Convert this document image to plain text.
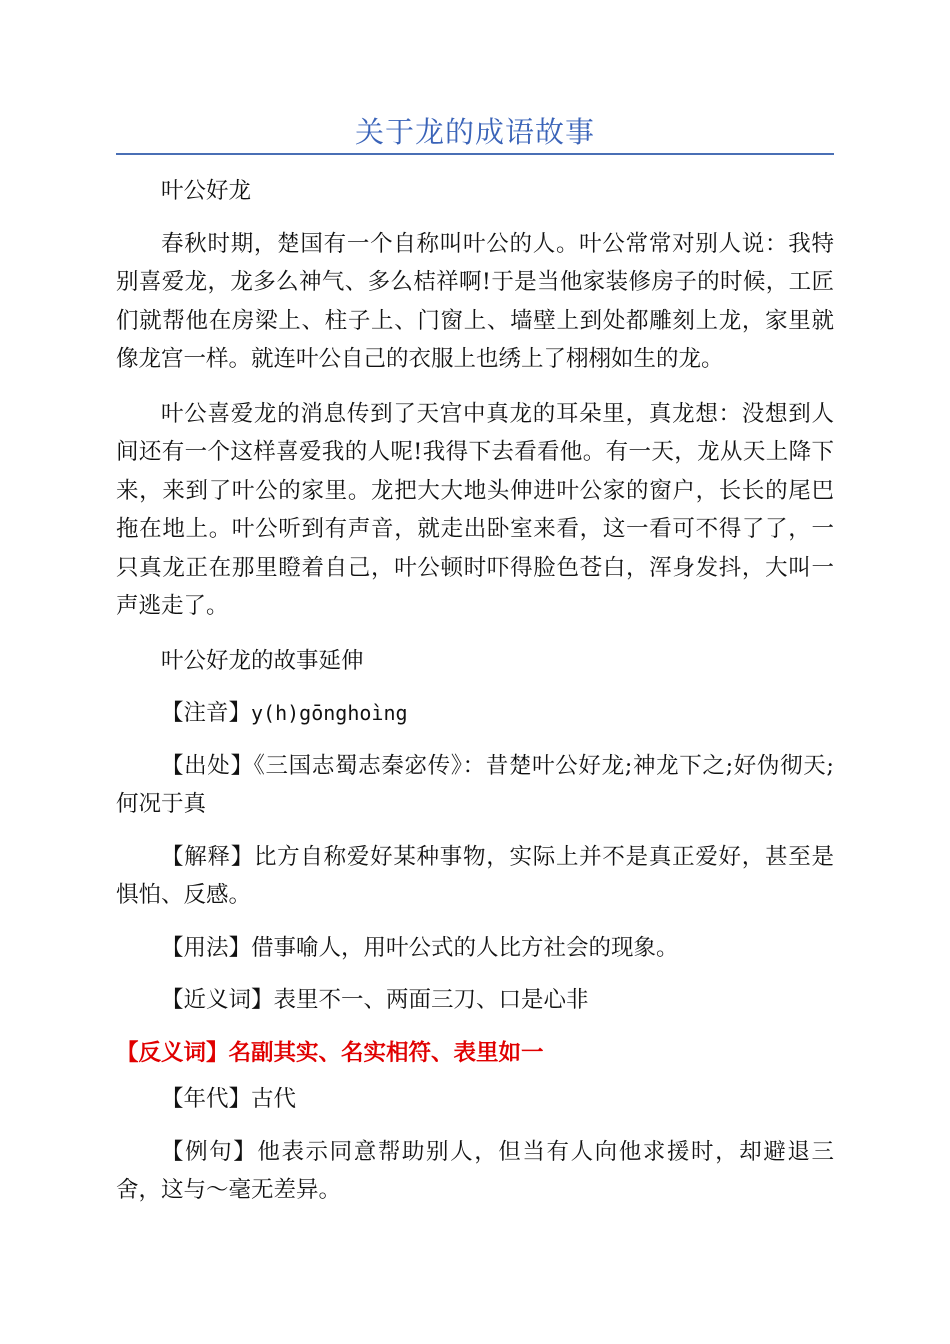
关于龙的成语故事

叶公好龙

春秋时期，楚国有一个自称叫叶公的人。叶公常常对别人说：我特别喜爱龙，龙多么神气、多么桔祥啊!于是当他家装修房子的时候，工匠们就帮他在房梁上、柱子上、门窗上、墙壁上到处都雕刻上龙，家里就像龙宫一样。就连叶公自己的衣服上也绣上了栩栩如生的龙。

叶公喜爱龙的消息传到了天宫中真龙的耳朵里，真龙想：没想到人间还有一个这样喜爱我的人呢!我得下去看看他。有一天，龙从天上降下来，来到了叶公的家里。龙把大大地头伸进叶公家的窗户，长长的尾巴拖在地上。叶公听到有声音，就走出卧室来看，这一看可不得了了，一只真龙正在那里瞪着自己，叶公顿时吓得脸色苍白，浑身发抖，大叫一声逃走了。

叶公好龙的故事延伸

【注音】y(h)gōnghoìng

【出处】《三国志蜀志秦宓传》：昔楚叶公好龙;神龙下之;好伪彻天;何况于真

【解释】比方自称爱好某种事物，实际上并不是真正爱好，甚至是惧怕、反感。

【用法】借事喻人，用叶公式的人比方社会的现象。

【近义词】表里不一、两面三刀、口是心非

【反义词】名副其实、名实相符、表里如一

【年代】古代

【例句】他表示同意帮助别人，但当有人向他求援时，却避退三舍，这与～毫无差异。
